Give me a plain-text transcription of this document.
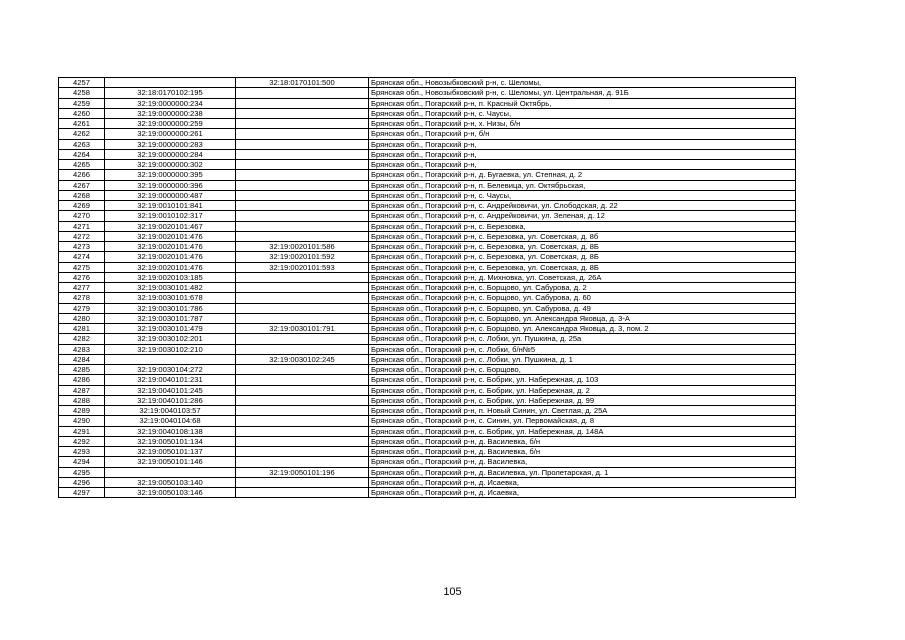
4257		32:18:0170101:500	Брянская обл., Новозыбковский р-н, с. Шеломы,
4258	32:18:0170102:195		Брянская обл., Новозыбковский р-н, с. Шеломы, ул. Центральная, д. 91Б
4259	32:19:0000000:234		Брянская обл., Погарский р-н, п. Красный Октябрь,
4260	32:19:0000000:238		Брянская обл., Погарский р-н, с. Чаусы,
4261	32:19:0000000:259		Брянская обл., Погарский р-н, х. Низы, б/н
4262	32:19:0000000:261		Брянская обл., Погарский р-н, б/н
4263	32:19:0000000:283		Брянская обл., Погарский р-н,
4264	32:19:0000000:284		Брянская обл., Погарский р-н,
4265	32:19:0000000:302		Брянская обл., Погарский р-н,
4266	32:19:0000000:395		Брянская обл., Погарский р-н, д. Бугаевка, ул. Степная, д. 2
4267	32:19:0000000:396		Брянская обл., Погарский р-н, п. Белевица, ул. Октябрьская,
4268	32:19:0000000:487		Брянская обл., Погарский р-н, с. Чаусы,
4269	32:19:0010101:841		Брянская обл., Погарский р-н, с. Андрейковичи, ул. Слободская, д. 22
4270	32:19:0010102:317		Брянская обл., Погарский р-н, с. Андрейковичи, ул. Зеленая, д. 12
4271	32:19:0020101:467		Брянская обл., Погарский р-н, с. Березовка,
4272	32:19:0020101:476		Брянская обл., Погарский р-н, с. Березовка, ул. Советская, д. 8б
4273	32:19:0020101:476	32:19:0020101:586	Брянская обл., Погарский р-н, с. Березовка, ул. Советская, д. 8Б
4274	32:19:0020101:476	32:19:0020101:592	Брянская обл., Погарский р-н, с. Березовка, ул. Советская, д. 8Б
4275	32:19:0020101:476	32:19:0020101:593	Брянская обл., Погарский р-н, с. Березовка, ул. Советская, д. 8Б
4276	32:19:0020103:185		Брянская обл., Погарский р-н, д. Михновка, ул. Советская, д. 26А
4277	32:19:0030101:482		Брянская обл., Погарский р-н, с. Борщово, ул. Сабурова, д. 2
4278	32:19:0030101:678		Брянская обл., Погарский р-н, с. Борщово, ул. Сабурова, д. 60
4279	32:19:0030101:786		Брянская обл., Погарский р-н, с. Борщово, ул. Сабурова, д. 49
4280	32:19:0030101:787		Брянская обл., Погарский р-н, с. Борщово, ул. Александра Яковца, д. 3-А
4281	32:19:0030101:479	32:19:0030101:791	Брянская обл., Погарский р-н, с. Борщово, ул. Александра Яковца, д. 3, пом. 2
4282	32:19:0030102:201		Брянская обл., Погарский р-н, с. Лобки, ул. Пушкина, д. 25а
4283	32:19:0030102:210		Брянская обл., Погарский р-н, с. Лобки, б/н№5
4284		32:19:0030102:245	Брянская обл., Погарский р-н, с. Лобки, ул. Пушкина, д. 1
4285	32:19:0030104:272		Брянская обл., Погарский р-н, с. Борщово,
4286	32:19:0040101:231		Брянская обл., Погарский р-н, с. Бобрик, ул. Набережная, д. 103
4287	32:19:0040101:245		Брянская обл., Погарский р-н, с. Бобрик, ул. Набережная, д. 2
4288	32:19:0040101:286		Брянская обл., Погарский р-н, с. Бобрик, ул. Набережная, д. 99
4289	32:19:0040103:57		Брянская обл., Погарский р-н, п. Новый Синин, ул. Светлая, д. 25А
4290	32:19:0040104:68		Брянская обл., Погарский р-н, с. Синин, ул. Первомайская, д. 8
4291	32:19:0040108:138		Брянская обл., Погарский р-н, с. Бобрик, ул. Набережная, д. 148А
4292	32:19:0050101:134		Брянская обл., Погарский р-н, д. Василевка, б/н
4293	32:19:0050101:137		Брянская обл., Погарский р-н, д. Василевка, б/н
4294	32:19:0050101:146		Брянская обл., Погарский р-н, д. Василевка,
4295		32:19:0050101:196	Брянская обл., Погарский р-н, д. Василевка, ул. Пролетарская, д. 1
4296	32:19:0050103:140		Брянская обл., Погарский р-н, д. Исаевка,
4297	32:19:0050103:146		Брянская обл., Погарский р-н, д. Исаевка,
105
